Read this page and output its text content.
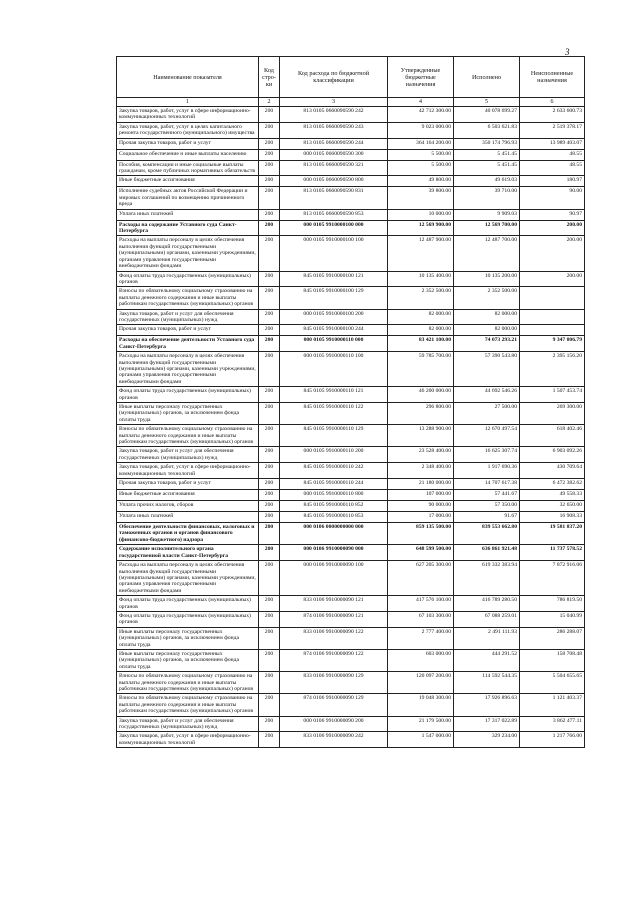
3
Наименование показателя	Код стро- ки	Код расхода по бюджетной классификации	Утвержденные бюджетные назначения	Исполнено	Неисполненные назначения
1	2	3	4	5	6
Закупка товаров, работ, услуг в сфере информационно-коммуникационных технологий	200	813 0105 0660090590 242	42 712 300.00	40 078 699.27	2 633 600.73
Закупка товаров, работ, услуг в целях капитального ремонта государственного (муниципального) имущества	200	813 0105 0660090590 243	9 023 000.00	6 503 621.83	2 519 378.17
Прочая закупка товаров, работ и услуг	200	813 0105 0660090590 244	364 164 200.00	350 174 796.93	13 989 403.07
Социальное обеспечение и иные выплаты населению	200	000 0105 0660090590 300	5 500.00	5 451.45	48.55
Пособия, компенсации и иные социальные выплаты гражданам, кроме публичных нормативных обязательств	200	813 0105 0660090590 321	5 500.00	5 451.45	48.55
Иные бюджетные ассигнования	200	000 0105 0660090590 800	49 800.00	49 619.03	180.97
Исполнение судебных актов Российской Федерации и мировых соглашений по возмещению причиненного вреда	200	813 0105 0660090590 831	39 800.00	39 710.00	90.00
Уплата иных платежей	200	813 0105 0660090590 853	10 000.00	9 909.03	90.97
Расходы на содержание Уставного суда Санкт-Петербурга	200	000 0105 9910000100 000	12 569 900.00	12 569 700.00	200.00
Расходы на выплаты персоналу в целях обеспечения выполнения функций государственными (муниципальными) органами, казенными учреждениями, органами управления государственными внебюджетными фондами	200	000 0105 9910000100 100	12 487 900.00	12 487 700.00	200.00
Фонд оплаты труда государственных (муниципальных) органов	200	845 0105 9910000100 121	10 135 400.00	10 135 200.00	200.00
Взносы по обязательному социальному страхованию на выплаты денежного содержания и иные выплаты работникам государственных (муниципальных) органов	200	845 0105 9910000100 129	2 352 500.00	2 352 500.00	
Закупка товаров, работ и услуг для обеспечения государственных (муниципальных) нужд	200	000 0105 9910000100 200	82 000.00	82 000.00	
Прочая закупка товаров, работ и услуг	200	845 0105 9910000100 244	82 000.00	82 000.00	
Расходы на обеспечение деятельности Уставного суда Санкт-Петербурга	200	000 0105 9910000110 000	83 421 100.00	74 073 293.21	9 347 806.79
Расходы на выплаты персоналу в целях обеспечения выполнения функций государственными (муниципальными) органами, казенными учреждениями, органами управления государственными внебюджетными фондами	200	000 0105 9910000110 100	59 785 700.00	57 390 543.80	2 395 156.20
Фонд оплаты труда государственных (муниципальных) органов	200	845 0105 9910000110 121	46 200 000.00	44 692 546.26	1 507 453.74
Иные выплаты персоналу государственных (муниципальных) органов, за исключением фонда оплаты труда	200	845 0105 9910000110 122	296 800.00	27 500.00	269 300.00
Взносы по обязательному социальному страхованию на выплаты денежного содержания и иные выплаты работникам государственных (муниципальных) органов	200	845 0105 9910000110 129	13 288 900.00	12 670 497.54	618 402.46
Закупка товаров, работ и услуг для обеспечения государственных (муниципальных) нужд	200	000 0105 9910000110 200	23 528 400.00	16 625 307.74	6 903 092.26
Закупка товаров, работ, услуг в сфере информационно-коммуникационных технологий	200	845 0105 9910000110 242	2 348 400.00	1 917 690.36	430 709.64
Прочая закупка товаров, работ и услуг	200	845 0105 9910000110 244	21 180 000.00	14 707 617.38	6 472 382.62
Иные бюджетные ассигнования	200	000 0105 9910000110 800	107 000.00	57 441.67	49 558.33
Уплата прочих налогов, сборов	200	845 0105 9910000110 852	90 000.00	57 350.00	32 650.00
Уплата иных платежей	200	845 0105 9910000110 853	17 000.00	91.67	16 908.33
Обеспечение деятельности финансовых, налоговых и таможенных органов и органов финансового (финансово-бюджетного) надзора	200	000 0106 0000000000 000	859 135 500.00	839 553 662.80	19 581 837.20
Содержание исполнительного органа государственной власти Санкт-Петербурга	200	000 0106 9910000090 000	648 599 500.00	636 861 921.48	11 737 578.52
Расходы на выплаты персоналу в целях обеспечения выполнения функций государственными (муниципальными) органами, казенными учреждениями, органами управления государственными внебюджетными фондами	200	000 0106 9910000090 100	627 205 300.00	619 332 383.94	7 872 916.06
Фонд оплаты труда государственных (муниципальных) органов	200	833 0106 9910000090 121	417 576 100.00	416 789 280.50	786 819.50
Фонд оплаты труда государственных (муниципальных) органов	200	874 0106 9910000090 121	67 103 300.00	67 088 259.01	15 040.99
Иные выплаты персоналу государственных (муниципальных) органов, за исключением фонда оплаты труда	200	833 0106 9910000090 122	2 777 400.00	2 491 111.93	286 288.07
Иные выплаты персоналу государственных (муниципальных) органов, за исключением фонда оплаты труда	200	874 0106 9910000090 122	603 000.00	444 291.52	158 708.48
Взносы по обязательному социальному страхованию на выплаты денежного содержания и иные выплаты работникам государственных (муниципальных) органов	200	833 0106 9910000090 129	120 097 200.00	114 592 544.35	5 504 655.65
Взносы по обязательному социальному страхованию на выплаты денежного содержания и иные выплаты работникам государственных (муниципальных) органов	200	874 0106 9910000090 129	19 048 300.00	17 926 896.63	1 121 403.37
Закупка товаров, работ и услуг для обеспечения государственных (муниципальных) нужд	200	000 0106 9910000090 200	21 179 500.00	17 317 022.89	3 862 477.11
Закупка товаров, работ, услуг в сфере информационно-коммуникационных технологий	200	833 0106 9910000090 242	1 547 000.00	329 234.00	1 217 766.00
